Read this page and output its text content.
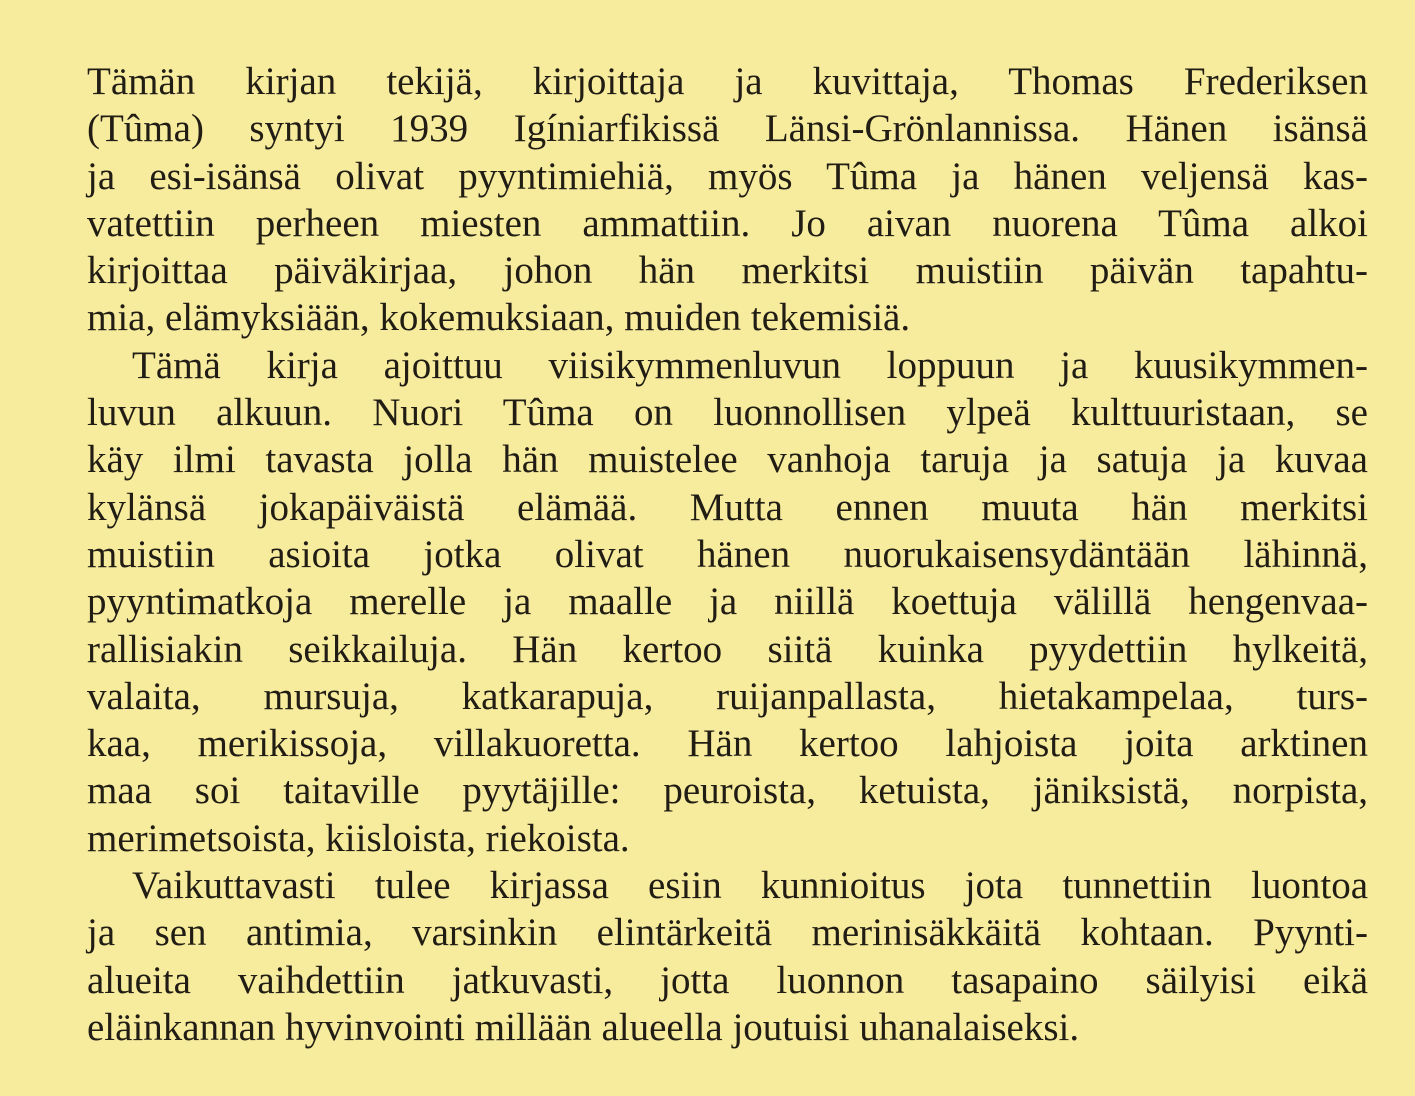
Tämän kirjan tekijä, kirjoittaja ja kuvittaja, Thomas Frederiksen
(Tûma) syntyi 1939 Igíniarfikissä Länsi-Grönlannissa. Hänen isänsä
ja esi-isänsä olivat pyyntimiehiä, myös Tûma ja hänen veljensä kas-
vatettiin perheen miesten ammattiin. Jo aivan nuorena Tûma alkoi
kirjoittaa päiväkirjaa, johon hän merkitsi muistiin päivän tapahtu-
mia, elämyksiään, kokemuksiaan, muiden tekemisiä.
Tämä kirja ajoittuu viisikymmenluvun loppuun ja kuusikymmen-
luvun alkuun. Nuori Tûma on luonnollisen ylpeä kulttuuristaan, se
käy ilmi tavasta jolla hän muistelee vanhoja taruja ja satuja ja kuvaa
kylänsä jokapäiväistä elämää. Mutta ennen muuta hän merkitsi
muistiin asioita jotka olivat hänen nuorukaisensydäntään lähinnä,
pyyntimatkoja merelle ja maalle ja niillä koettuja välillä hengenvaa-
rallisiakin seikkailuja. Hän kertoo siitä kuinka pyydettiin hylkeitä,
valaita, mursuja, katkarapuja, ruijanpallasta, hietakampelaa, turs-
kaa, merikissoja, villakuoretta. Hän kertoo lahjoista joita arktinen
maa soi taitaville pyytäjille: peuroista, ketuista, jäniksistä, norpista,
merimetsoista, kiisloista, riekoista.
Vaikuttavasti tulee kirjassa esiin kunnioitus jota tunnettiin luontoa
ja sen antimia, varsinkin elintärkeitä merinisäkkäitä kohtaan. Pyynti-
alueita vaihdettiin jatkuvasti, jotta luonnon tasapaino säilyisi eikä
eläinkannan hyvinvointi millään alueella joutuisi uhanalaiseksi.
